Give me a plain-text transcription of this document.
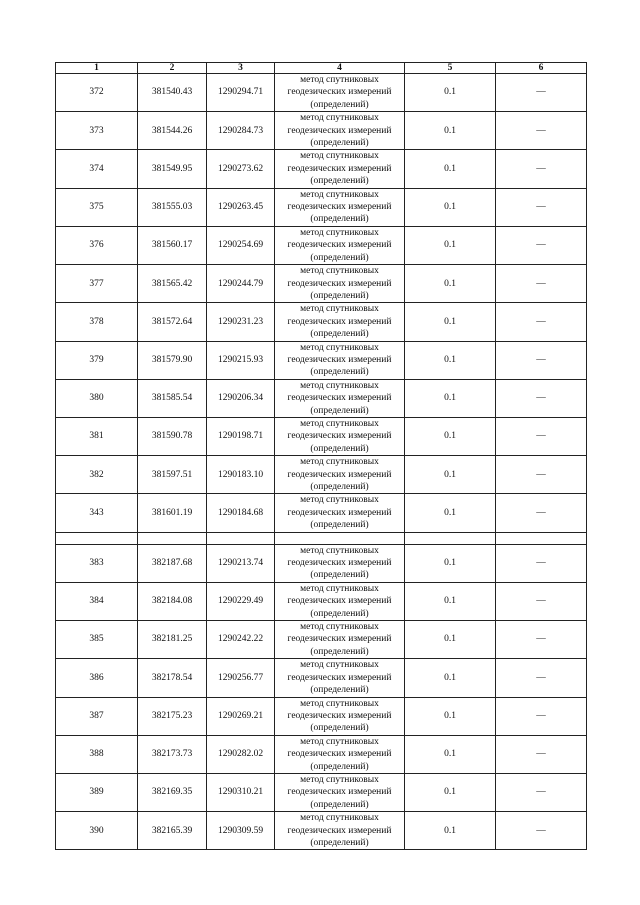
1	2	3	4	5	6
372	381540.43	1290294.71	метод спутниковых геодезических измерений (определений)	0.1	—
373	381544.26	1290284.73	метод спутниковых геодезических измерений (определений)	0.1	—
374	381549.95	1290273.62	метод спутниковых геодезических измерений (определений)	0.1	—
375	381555.03	1290263.45	метод спутниковых геодезических измерений (определений)	0.1	—
376	381560.17	1290254.69	метод спутниковых геодезических измерений (определений)	0.1	—
377	381565.42	1290244.79	метод спутниковых геодезических измерений (определений)	0.1	—
378	381572.64	1290231.23	метод спутниковых геодезических измерений (определений)	0.1	—
379	381579.90	1290215.93	метод спутниковых геодезических измерений (определений)	0.1	—
380	381585.54	1290206.34	метод спутниковых геодезических измерений (определений)	0.1	—
381	381590.78	1290198.71	метод спутниковых геодезических измерений (определений)	0.1	—
382	381597.51	1290183.10	метод спутниковых геодезических измерений (определений)	0.1	—
343	381601.19	1290184.68	метод спутниковых геодезических измерений (определений)	0.1	—

383	382187.68	1290213.74	метод спутниковых геодезических измерений (определений)	0.1	—
384	382184.08	1290229.49	метод спутниковых геодезических измерений (определений)	0.1	—
385	382181.25	1290242.22	метод спутниковых геодезических измерений (определений)	0.1	—
386	382178.54	1290256.77	метод спутниковых геодезических измерений (определений)	0.1	—
387	382175.23	1290269.21	метод спутниковых геодезических измерений (определений)	0.1	—
388	382173.73	1290282.02	метод спутниковых геодезических измерений (определений)	0.1	—
389	382169.35	1290310.21	метод спутниковых геодезических измерений (определений)	0.1	—
390	382165.39	1290309.59	метод спутниковых геодезических измерений (определений)	0.1	—
